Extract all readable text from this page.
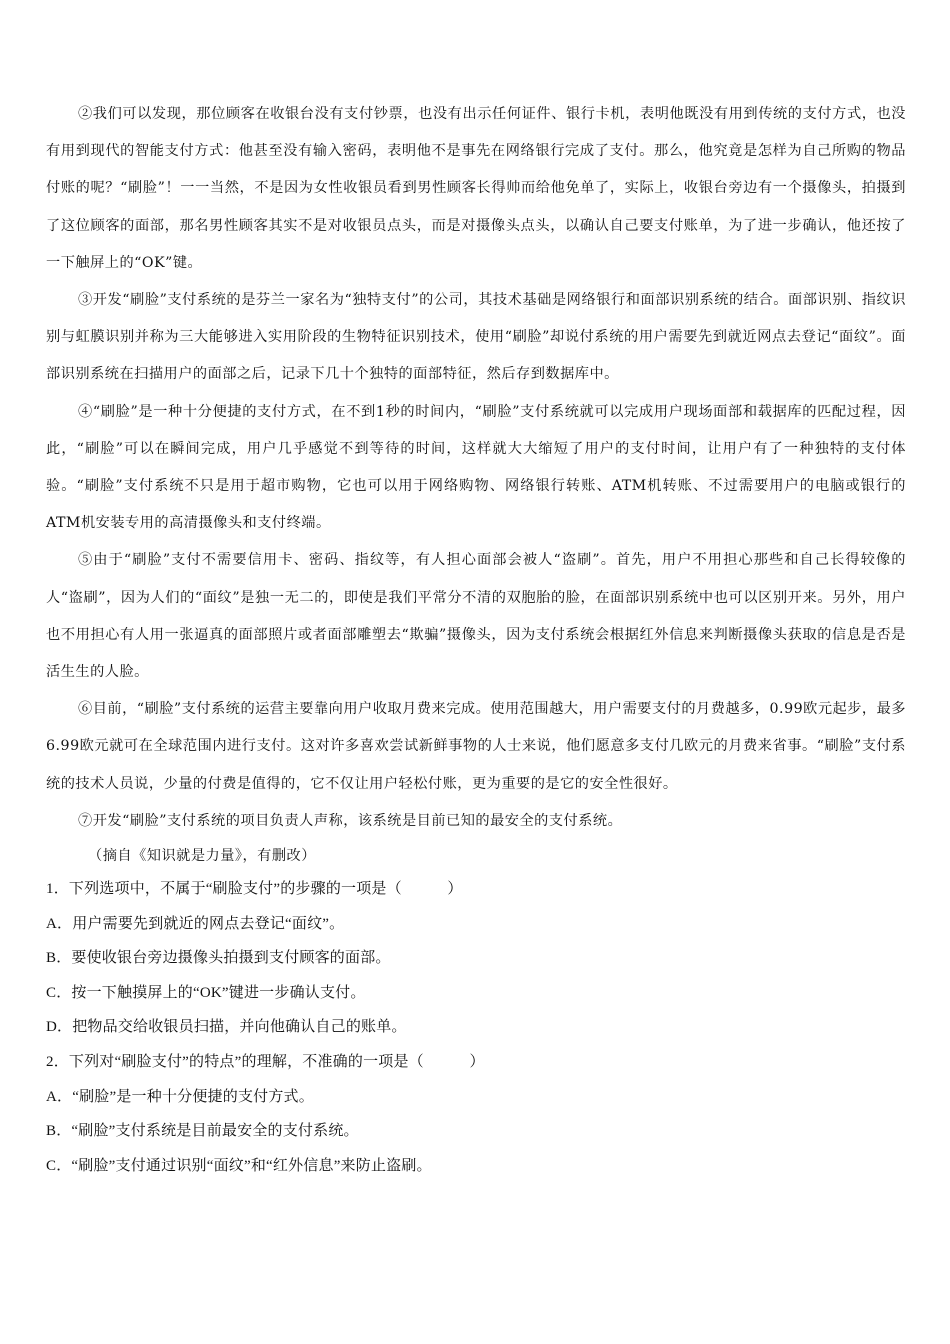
②我们可以发现，那位顾客在收银台没有支付钞票，也没有出示任何证件、银行卡机，表明他既没有用到传统的支付方式，也没有用到现代的智能支付方式：他甚至没有输入密码，表明他不是事先在网络银行完成了支付。那么，他究竟是怎样为自己所购的物品付账的呢？“刷脸”！一一当然，不是因为女性收银员看到男性顾客长得帅而给他免单了，实际上，收银台旁边有一个摄像头，拍摄到了这位顾客的面部，那名男性顾客其实不是对收银员点头，而是对摄像头点头，以确认自己要支付账单，为了进一步确认，他还按了一下触屏上的“OK”键。

③开发“刷脸”支付系统的是芬兰一家名为“独特支付”的公司，其技术基础是网络银行和面部识别系统的结合。面部识别、指纹识别与虹膜识别并称为三大能够进入实用阶段的生物特征识别技术，使用“刷脸”却说付系统的用户需要先到就近网点去登记“面纹”。面部识别系统在扫描用户的面部之后，记录下几十个独特的面部特征，然后存到数据库中。

④“刷脸”是一种十分便捷的支付方式，在不到1秒的时间内，“刷脸”支付系统就可以完成用户现场面部和载据库的匹配过程，因此，“刷脸”可以在瞬间完成，用户几乎感觉不到等待的时间，这样就大大缩短了用户的支付时间，让用户有了一种独特的支付体验。“刷脸”支付系统不只是用于超市购物，它也可以用于网络购物、网络银行转账、ATM机转账、不过需要用户的电脑或银行的ATM机安装专用的高清摄像头和支付终端。

⑤由于“刷脸”支付不需要信用卡、密码、指纹等，有人担心面部会被人“盗刷”。首先，用户不用担心那些和自己长得较像的人“盗刷”，因为人们的“面纹”是独一无二的，即使是我们平常分不清的双胞胎的脸，在面部识别系统中也可以区别开来。另外，用户也不用担心有人用一张逼真的面部照片或者面部雕塑去“欺骗”摄像头，因为支付系统会根据红外信息来判断摄像头获取的信息是否是活生生的人脸。

⑥目前，“刷脸”支付系统的运营主要靠向用户收取月费来完成。使用范围越大，用户需要支付的月费越多，0.99欧元起步，最多6.99欧元就可在全球范围内进行支付。这对许多喜欢尝试新鲜事物的人士来说，他们愿意多支付几欧元的月费来省事。“刷脸”支付系统的技术人员说，少量的付费是值得的，它不仅让用户轻松付账，更为重要的是它的安全性很好。

⑦开发“刷脸”支付系统的项目负责人声称，该系统是目前已知的最安全的支付系统。

（摘自《知识就是力量》，有删改）

1．下列选项中，不属于“刷脸支付”的步骤的一项是（　　　）

A．用户需要先到就近的网点去登记“面纹”。

B．要使收银台旁边摄像头拍摄到支付顾客的面部。

C．按一下触摸屏上的“OK”键进一步确认支付。

D．把物品交给收银员扫描，并向他确认自己的账单。

2．下列对“刷脸支付”的特点”的理解，不准确的一项是（　　　）

A．“刷脸”是一种十分便捷的支付方式。

B．“刷脸”支付系统是目前最安全的支付系统。

C．“刷脸”支付通过识别“面纹”和“红外信息”来防止盗刷。
